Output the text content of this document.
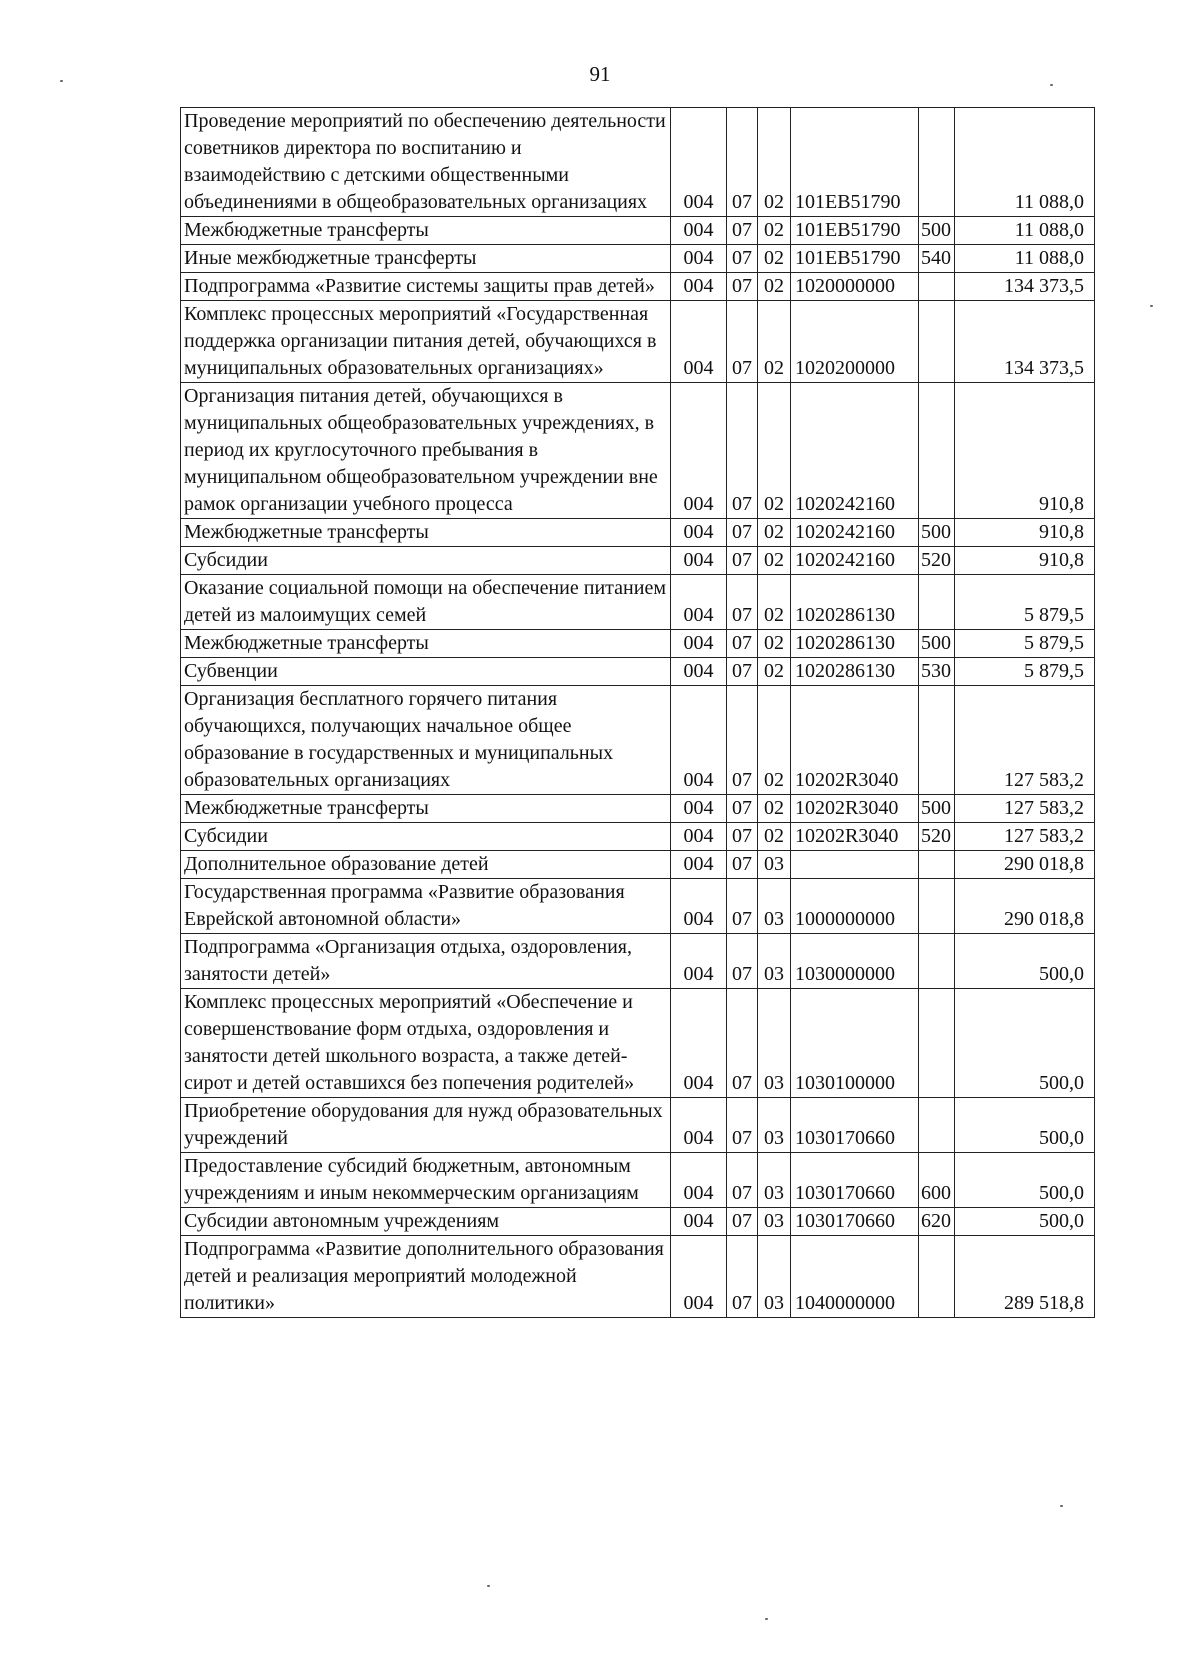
91
Проведение мероприятий по обеспечению деятельности советников директора по воспитанию и взаимодействию с детскими общественными объединениями в общеобразовательных организациях	004	07	02	101EB51790		11 088,0
Межбюджетные трансферты	004	07	02	101EB51790	500	11 088,0
Иные межбюджетные трансферты	004	07	02	101EB51790	540	11 088,0
Подпрограмма «Развитие системы защиты прав детей»	004	07	02	1020000000		134 373,5
Комплекс процессных мероприятий «Государственная поддержка организации питания детей, обучающихся в муниципальных образовательных организациях»	004	07	02	1020200000		134 373,5
Организация питания детей, обучающихся в муниципальных общеобразовательных учреждениях, в период их круглосуточного пребывания в муниципальном общеобразовательном учреждении вне рамок организации учебного процесса	004	07	02	1020242160		910,8
Межбюджетные трансферты	004	07	02	1020242160	500	910,8
Субсидии	004	07	02	1020242160	520	910,8
Оказание социальной помощи на обеспечение питанием детей из малоимущих семей	004	07	02	1020286130		5 879,5
Межбюджетные трансферты	004	07	02	1020286130	500	5 879,5
Субвенции	004	07	02	1020286130	530	5 879,5
Организация бесплатного горячего питания обучающихся, получающих начальное общее образование в государственных и муниципальных образовательных организациях	004	07	02	10202R3040		127 583,2
Межбюджетные трансферты	004	07	02	10202R3040	500	127 583,2
Субсидии	004	07	02	10202R3040	520	127 583,2
Дополнительное образование детей	004	07	03			290 018,8
Государственная программа «Развитие образования Еврейской автономной области»	004	07	03	1000000000		290 018,8
Подпрограмма «Организация отдыха, оздоровления, занятости детей»	004	07	03	1030000000		500,0
Комплекс процессных мероприятий «Обеспечение и совершенствование форм отдыха, оздоровления и занятости детей школьного возраста, а также детей-сирот и детей оставшихся без попечения родителей»	004	07	03	1030100000		500,0
Приобретение оборудования для нужд образовательных учреждений	004	07	03	1030170660		500,0
Предоставление субсидий бюджетным, автономным учреждениям и иным некоммерческим организациям	004	07	03	1030170660	600	500,0
Субсидии автономным учреждениям	004	07	03	1030170660	620	500,0
Подпрограмма «Развитие дополнительного образования детей и реализация мероприятий молодежной политики»	004	07	03	1040000000		289 518,8
